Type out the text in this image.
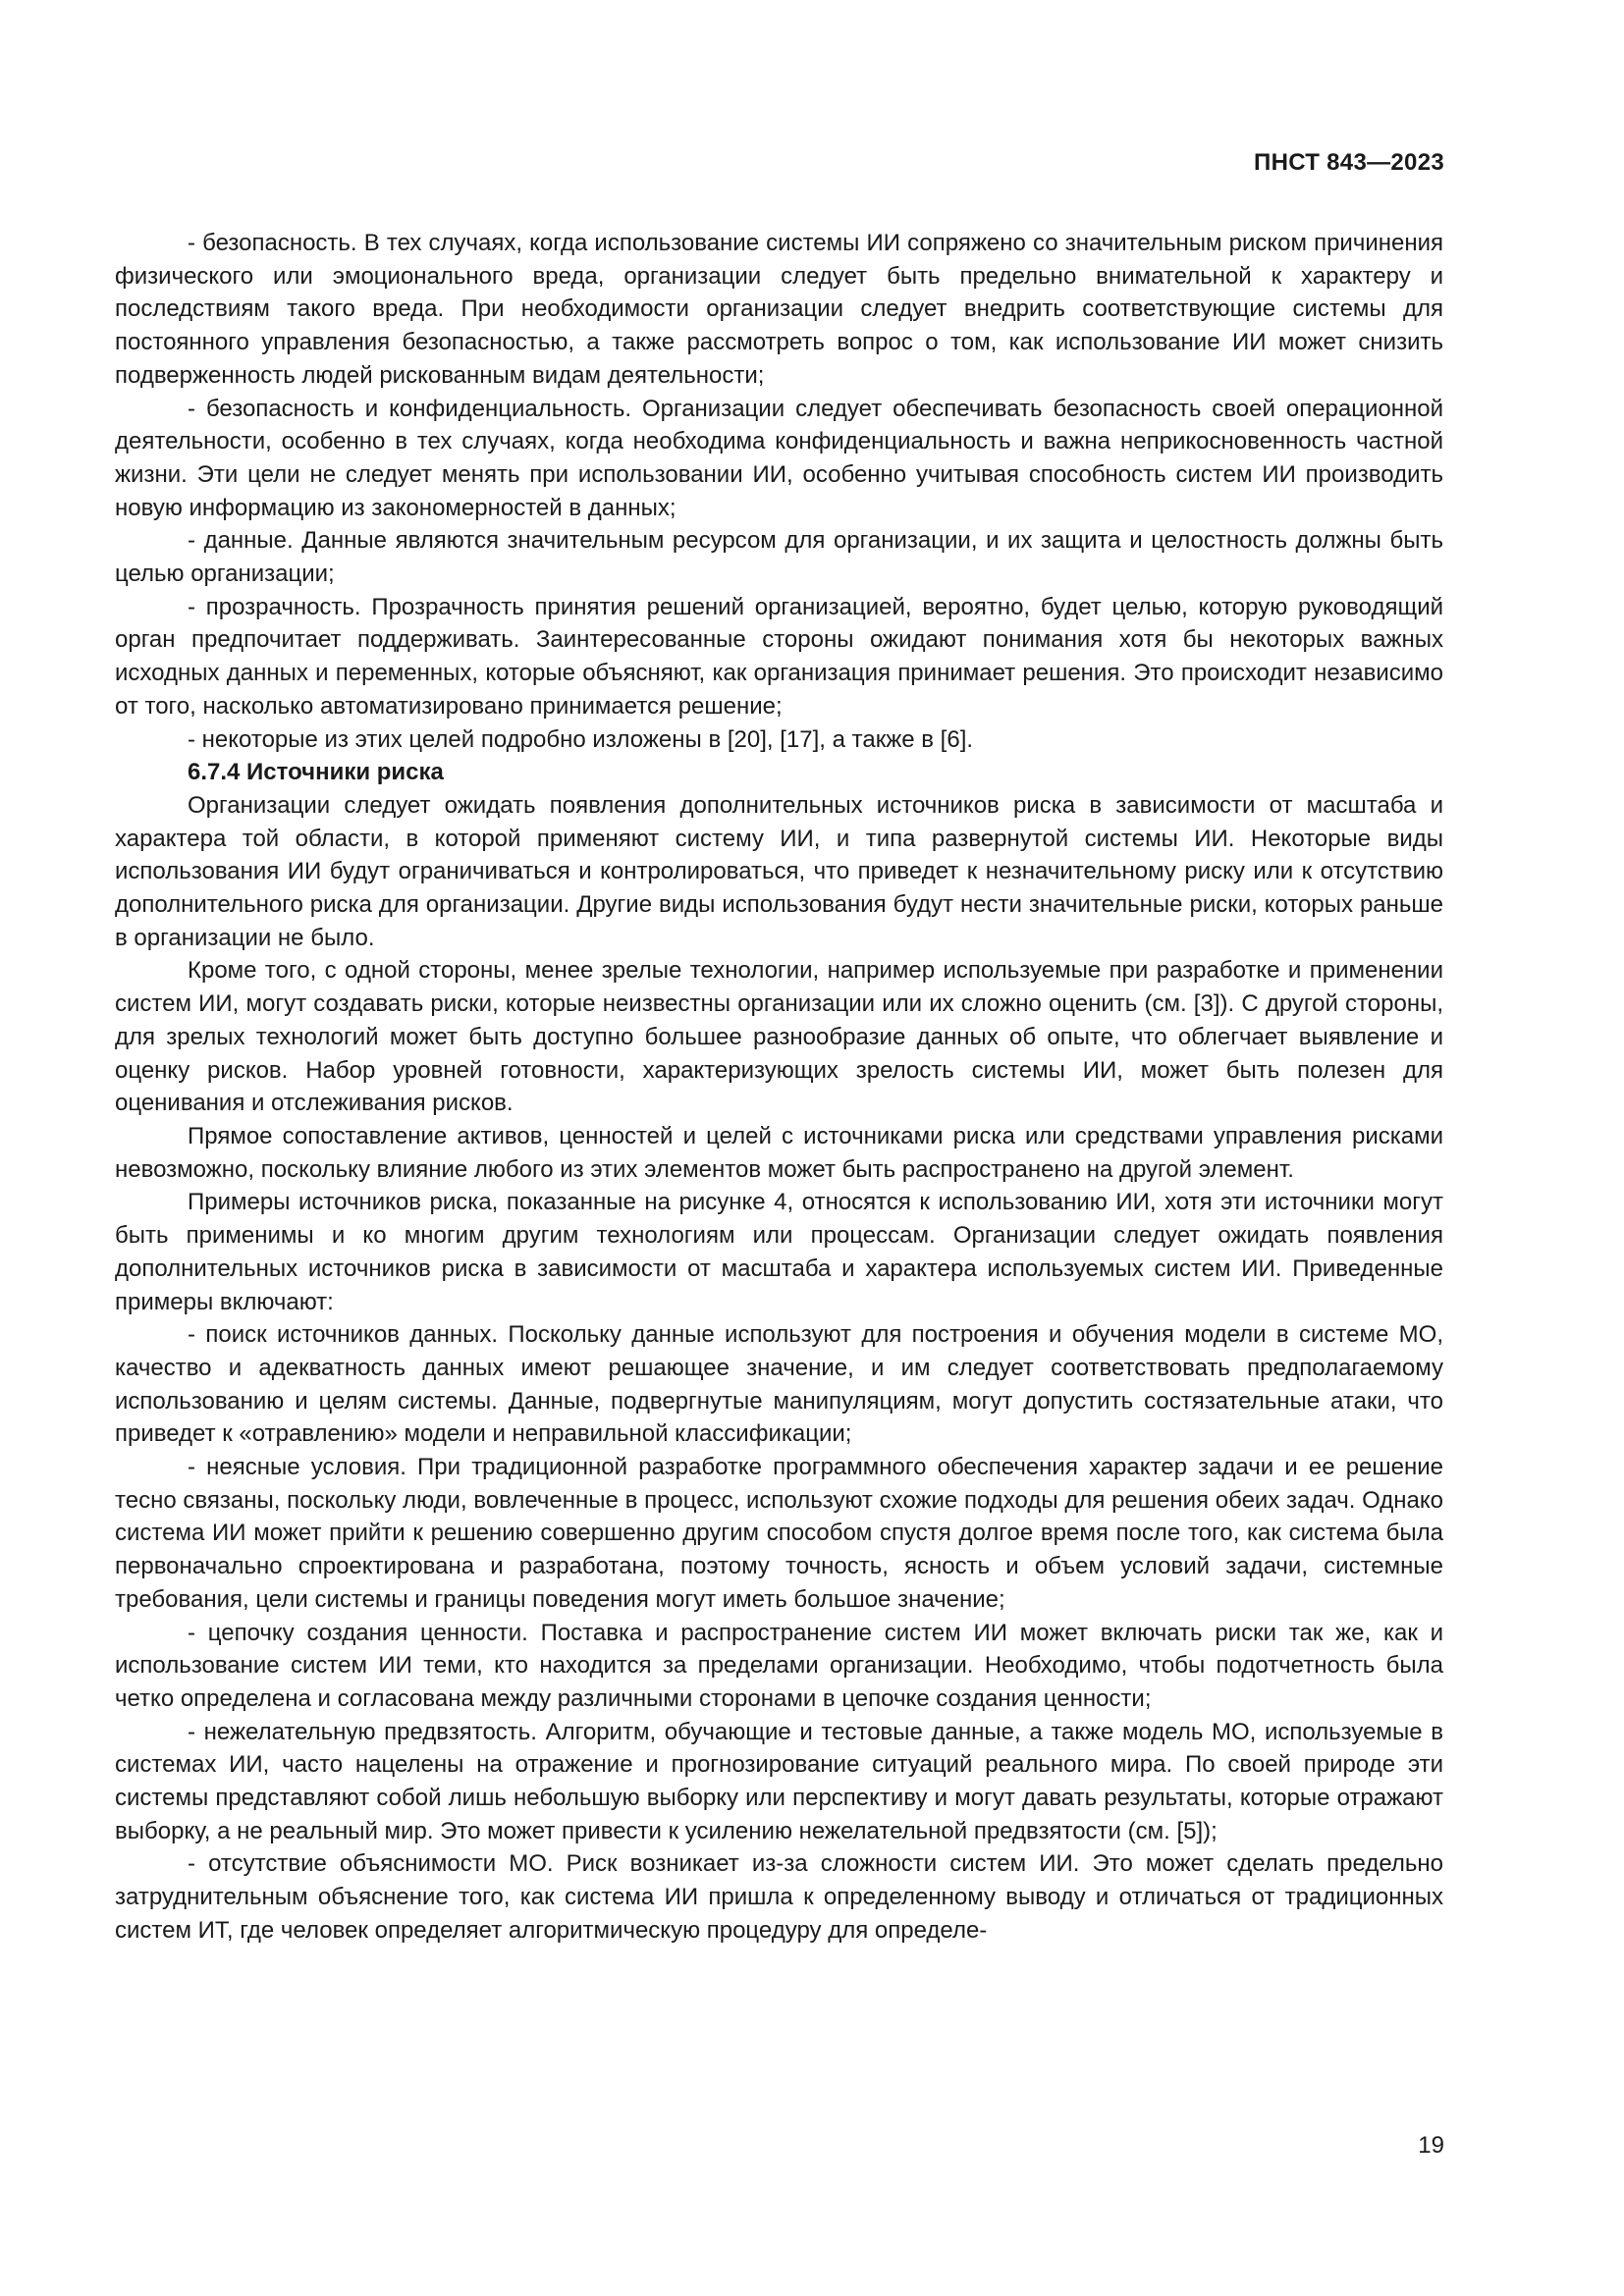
ПНСТ 843—2023

- безопасность. В тех случаях, когда использование системы ИИ сопряжено со значительным риском причинения физического или эмоционального вреда, организации следует быть предельно внимательной к характеру и последствиям такого вреда. При необходимости организации следует внедрить соответствующие системы для постоянного управления безопасностью, а также рассмотреть вопрос о том, как использование ИИ может снизить подверженность людей рискованным видам деятельности;

- безопасность и конфиденциальность. Организации следует обеспечивать безопасность своей операционной деятельности, особенно в тех случаях, когда необходима конфиденциальность и важна неприкосновенность частной жизни. Эти цели не следует менять при использовании ИИ, особенно учитывая способность систем ИИ производить новую информацию из закономерностей в данных;

- данные. Данные являются значительным ресурсом для организации, и их защита и целостность должны быть целью организации;

- прозрачность. Прозрачность принятия решений организацией, вероятно, будет целью, которую руководящий орган предпочитает поддерживать. Заинтересованные стороны ожидают понимания хотя бы некоторых важных исходных данных и переменных, которые объясняют, как организация принимает решения. Это происходит независимо от того, насколько автоматизировано принимается решение;

- некоторые из этих целей подробно изложены в [20], [17], а также в [6].

6.7.4 Источники риска

Организации следует ожидать появления дополнительных источников риска в зависимости от масштаба и характера той области, в которой применяют систему ИИ, и типа развернутой системы ИИ. Некоторые виды использования ИИ будут ограничиваться и контролироваться, что приведет к незначительному риску или к отсутствию дополнительного риска для организации. Другие виды использования будут нести значительные риски, которых раньше в организации не было.

Кроме того, с одной стороны, менее зрелые технологии, например используемые при разработке и применении систем ИИ, могут создавать риски, которые неизвестны организации или их сложно оценить (см. [3]). С другой стороны, для зрелых технологий может быть доступно большее разнообразие данных об опыте, что облегчает выявление и оценку рисков. Набор уровней готовности, характеризующих зрелость системы ИИ, может быть полезен для оценивания и отслеживания рисков.

Прямое сопоставление активов, ценностей и целей с источниками риска или средствами управления рисками невозможно, поскольку влияние любого из этих элементов может быть распространено на другой элемент.

Примеры источников риска, показанные на рисунке 4, относятся к использованию ИИ, хотя эти источники могут быть применимы и ко многим другим технологиям или процессам. Организации следует ожидать появления дополнительных источников риска в зависимости от масштаба и характера используемых систем ИИ. Приведенные примеры включают:

- поиск источников данных. Поскольку данные используют для построения и обучения модели в системе МО, качество и адекватность данных имеют решающее значение, и им следует соответствовать предполагаемому использованию и целям системы. Данные, подвергнутые манипуляциям, могут допустить состязательные атаки, что приведет к «отравлению» модели и неправильной классификации;

- неясные условия. При традиционной разработке программного обеспечения характер задачи и ее решение тесно связаны, поскольку люди, вовлеченные в процесс, используют схожие подходы для решения обеих задач. Однако система ИИ может прийти к решению совершенно другим способом спустя долгое время после того, как система была первоначально спроектирована и разработана, поэтому точность, ясность и объем условий задачи, системные требования, цели системы и границы поведения могут иметь большое значение;

- цепочку создания ценности. Поставка и распространение систем ИИ может включать риски так же, как и использование систем ИИ теми, кто находится за пределами организации. Необходимо, чтобы подотчетность была четко определена и согласована между различными сторонами в цепочке создания ценности;

- нежелательную предвзятость. Алгоритм, обучающие и тестовые данные, а также модель МО, используемые в системах ИИ, часто нацелены на отражение и прогнозирование ситуаций реального мира. По своей природе эти системы представляют собой лишь небольшую выборку или перспективу и могут давать результаты, которые отражают выборку, а не реальный мир. Это может привести к усилению нежелательной предвзятости (см. [5]);

- отсутствие объяснимости МО. Риск возникает из-за сложности систем ИИ. Это может сделать предельно затруднительным объяснение того, как система ИИ пришла к определенному выводу и отличаться от традиционных систем ИТ, где человек определяет алгоритмическую процедуру для определе-

19
